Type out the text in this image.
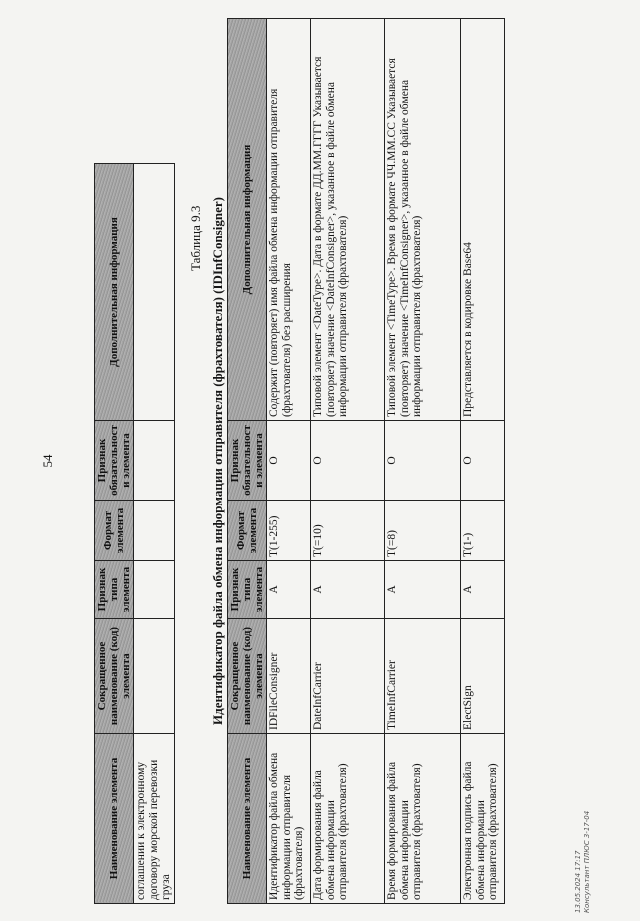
54
Наименование элемента	Сокращенное наименование (код) элемента	Признак типа элемента	Формат элемента	Признак обязательности элемента	Дополнительная информация
соглашении к электронному договору морской перевозки груза					
Таблица 9.3 Идентификатор файла обмена информации отправителя (фрахтователя) (IDInfConsigner)
Наименование элемента	Сокращенное наименование (код) элемента	Признак типа элемента	Формат элемента	Признак обязательности элемента	Дополнительная информация
Идентификатор файла обмена информации отправителя (фрахтователя)	IDFileConsigner	А	T(1-255)	О	Содержит (повторяет) имя файла обмена информации отправителя (фрахтователя) без расширения
Дата формирования файла обмена информации отправителя (фрахтователя)	DateInfCarrier	А	T(=10)	О	Типовой элемент <DateType>. Дата в формате ДД.ММ.ГГГГ Указывается (повторяет) значение <DateInfConsigner>, указанное в файле обмена информации отправителя (фрахтователя)
Время формирования файла обмена информации отправителя (фрахтователя)	TimeInfCarrier	А	T(=8)	О	Типовой элемент <TimeType>. Время в формате ЧЧ.ММ.СС Указывается (повторяет) значение <TimeInfConsigner>, указанное в файле обмена информации отправителя (фрахтователя)
Электронная подпись файла обмена информации отправителя (фрахтователя)	ElectSign	А	T(1-)	О	Представляется в кодировке Base64
13.05.2024 17:17 Консультант ПЛЮС 3-17-04
